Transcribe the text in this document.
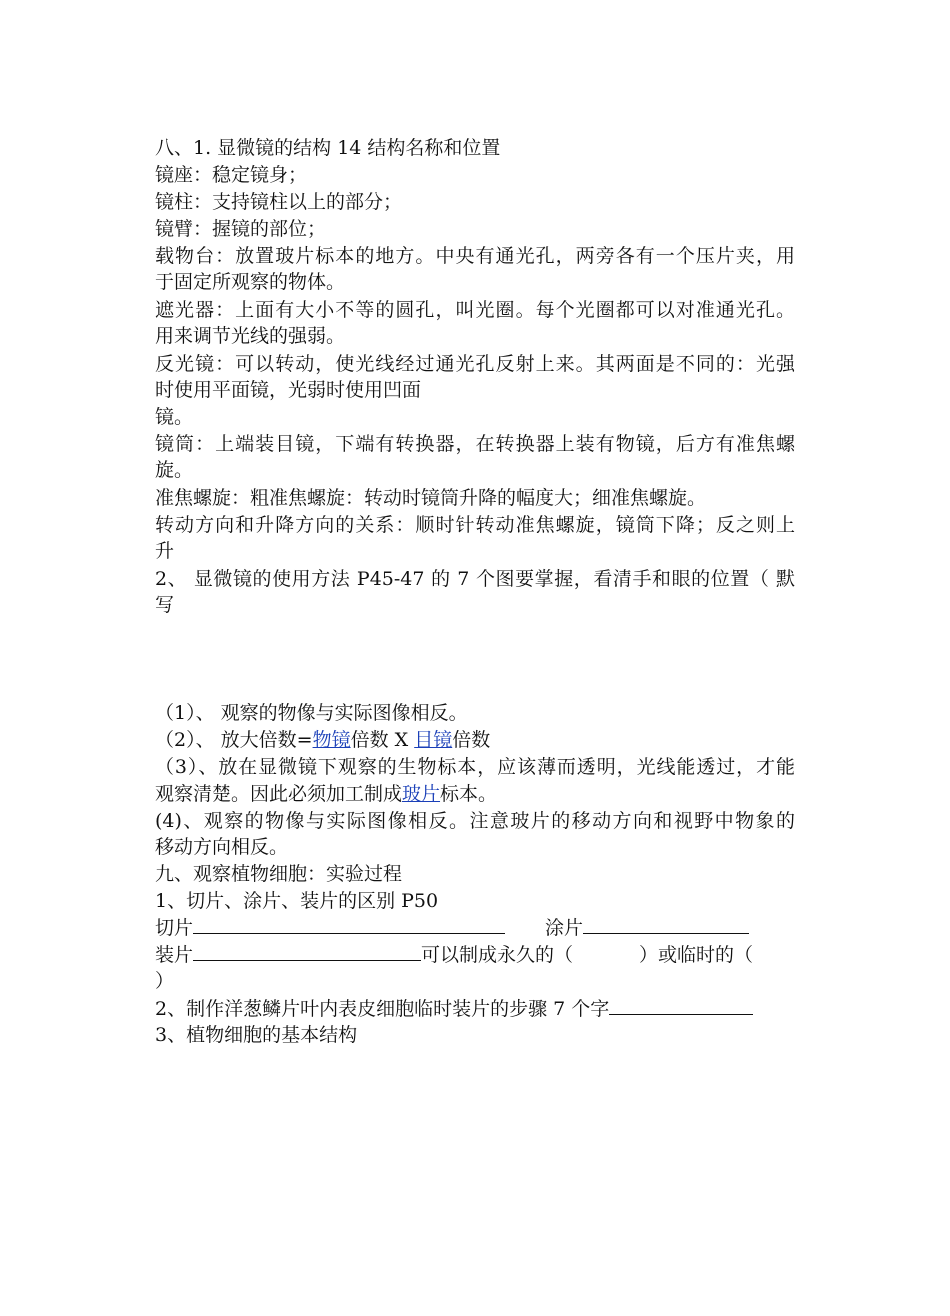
八、1. 显微镜的结构 14 结构名称和位置

镜座：稳定镜身；

镜柱：支持镜柱以上的部分；

镜臂：握镜的部位；

载物台：放置玻片标本的地方。中央有通光孔，两旁各有一个压片夹，用

于固定所观察的物体。

遮光器：上面有大小不等的圆孔，叫光圈。每个光圈都可以对准通光孔。

用来调节光线的强弱。

反光镜：可以转动，使光线经过通光孔反射上来。其两面是不同的：光强

时使用平面镜，光弱时使用凹面

镜。

镜筒：上端装目镜，下端有转换器，在转换器上装有物镜，后方有准焦螺

旋。

准焦螺旋：粗准焦螺旋：转动时镜筒升降的幅度大；细准焦螺旋。

转动方向和升降方向的关系：顺时针转动准焦螺旋，镜筒下降；反之则上

升

2、 显微镜的使用方法 P45-47 的 7 个图要掌握，看清手和眼的位置（ 默

写

（1）、 观察的物像与实际图像相反。

（2）、 放大倍数=物镜倍数 X 目镜倍数

（3）、放在显微镜下观察的生物标本，应该薄而透明，光线能透过，才能

观察清楚。因此必须加工制成玻片标本。

(4)、观察的物像与实际图像相反。注意玻片的移动方向和视野中物象的

移动方向相反。

九、观察植物细胞：实验过程

1、切片、涂片、装片的区别 P50

切片	涂片

装片	可以制成永久的（	）或临时的（

）

2、制作洋葱鳞片叶内表皮细胞临时装片的步骤 7 个字

3、植物细胞的基本结构
